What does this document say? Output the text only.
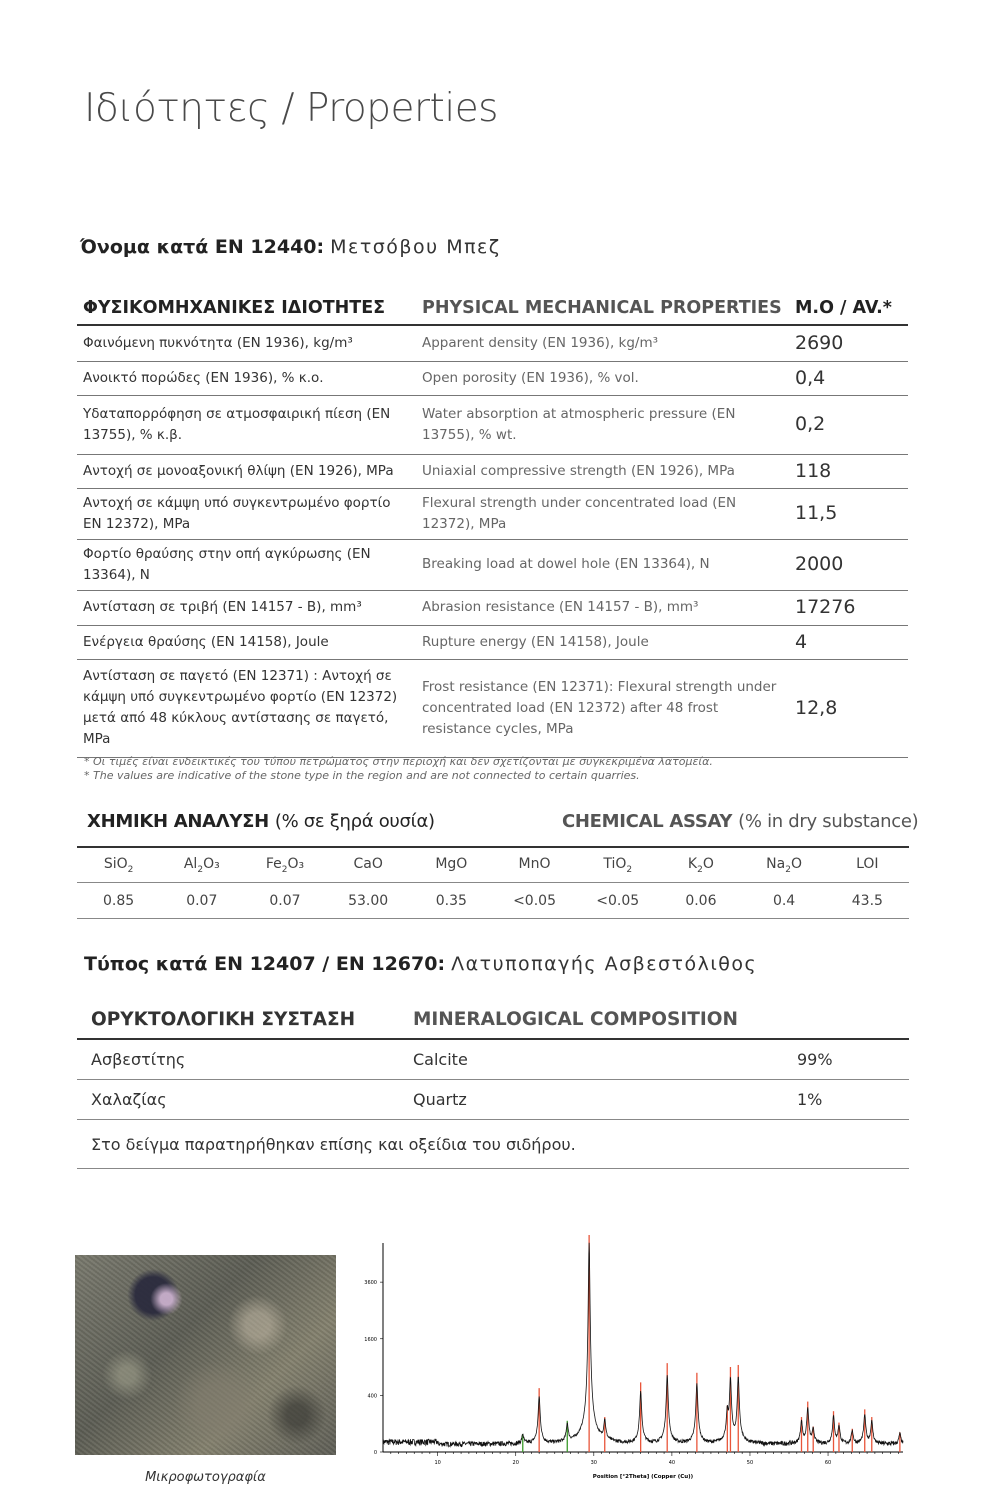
Ιδιότητες / Properties
Όνομα κατά EN 12440: Μετσόβου Μπεζ
ΦΥΣΙΚΟΜΗΧΑΝΙΚΕΣ ΙΔΙΟΤΗΤΕΣ	PHYSICAL MECHANICAL PROPERTIES	M.O / AV.*
Φαινόμενη πυκνότητα (EN 1936), kg/m³	Apparent density (EN 1936), kg/m³	2690
Ανοικτό πορώδες (EN 1936), % κ.ο.	Open porosity (EN 1936), % vol.	0,4
Υδαταπορρόφηση σε ατμοσφαιρική πίεση (EN 13755), % κ.β.	Water absorption at atmospheric pressure (EN 13755), % wt.	0,2
Αντοχή σε μονοαξονική θλίψη (EN 1926), MPa	Uniaxial compressive strength (EN 1926), MPa	118
Αντοχή σε κάμψη υπό συγκεντρωμένο φορτίο EN 12372), MPa	Flexural strength under concentrated load (EN 12372), MPa	11,5
Φορτίο θραύσης στην οπή αγκύρωσης (EN 13364), N	Breaking load at dowel hole (EN 13364), N	2000
Αντίσταση σε τριβή (EN 14157 - B), mm³	Abrasion resistance (EN 14157 - B), mm³	17276
Ενέργεια θραύσης (EN 14158), Joule	Rupture energy (EN 14158), Joule	4
Αντίσταση σε παγετό (EN 12371) : Αντοχή σε κάμψη υπό συγκεντρωμένο φορτίο (EN 12372) μετά από 48 κύκλους αντίστασης σε παγετό, MPa	Frost resistance (EN 12371): Flexural strength under concentrated load (EN 12372) after 48 frost resistance cycles, MPa	12,8
* Οι τιμές είναι ενδεικτικές του τύπου πετρώματος στην περιοχή και δεν σχετίζονται με συγκεκριμένα λατομεία.
* The values are indicative of the stone type in the region and are not connected to certain quarries.
ΧΗΜΙΚΗ ΑΝΑΛΥΣΗ (% σε ξηρά ουσία)	CHEMICAL ASSAY (% in dry substance)
SiO$_2$	$Al_2O_3$	$Fe_2O_3$	CaO	MgO	MnO	TiO$_2$	$K_2O$	$Na_2O$	LOI
0.85	0.07	0.07	53.00	0.35	<0.05	<0.05	0.06	0.4	43.5
Τύπος κατά EN 12407 / EN 12670: Λατυποπαγής Ασβεστόλιθος
ΟΡΥΚΤΟΛΟΓΙΚΗ ΣΥΣΤΑΣΗ	MINERALOGICAL COMPOSITION	
Ασβεστίτης	Calcite	99%
Χαλαζίας	Quartz	1%
Στο δείγμα παρατηρήθηκαν επίσης και οξείδια του σιδήρου.		
Μικροφωτογραφία
10	20	30	40	50	60
0
400
1600
3600
Position [°2Theta] (Copper (Cu))
